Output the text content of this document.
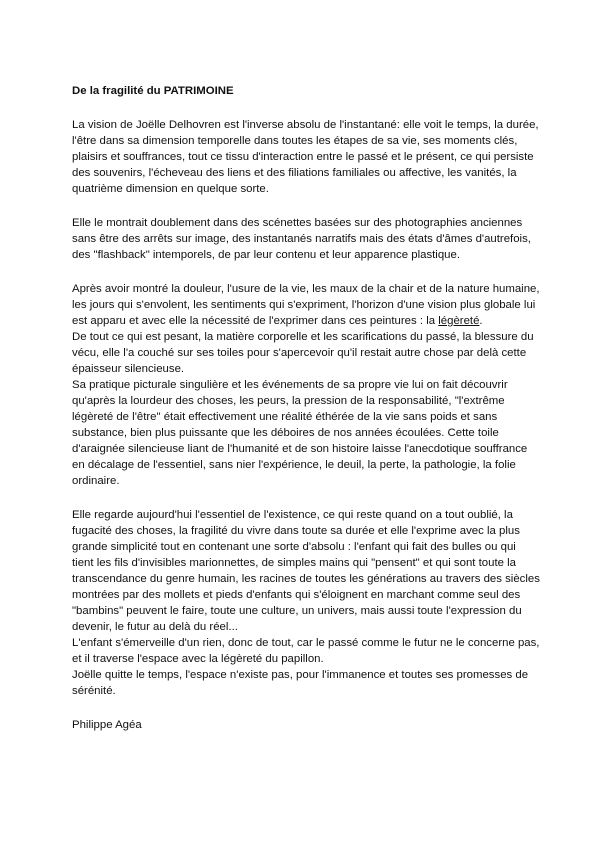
De la fragilité du PATRIMOINE
La vision de Joëlle Delhovren est l'inverse absolu de l'instantané: elle voit le temps, la durée,
l'être dans sa dimension temporelle dans toutes les étapes de sa vie, ses moments clés,
plaisirs et souffrances, tout ce tissu d'interaction entre le passé et le présent, ce qui persiste
des souvenirs, l'écheveau des liens et des filiations familiales ou affective, les vanités, la
quatrième dimension en quelque sorte.
Elle le montrait doublement dans des scénettes basées sur des photographies anciennes
sans être des arrêts sur image, des instantanés narratifs mais des états d'âmes d'autrefois,
des "flashback" intemporels, de par leur contenu et leur apparence plastique.
Après avoir montré la douleur, l'usure de la vie, les maux de la chair et de la nature humaine,
les jours qui s'envolent, les sentiments qui s'expriment, l'horizon d'une vision plus globale lui
est apparu et avec elle la nécessité de l'exprimer dans ces peintures : la légèreté.
De tout ce qui est pesant, la matière corporelle et les scarifications du passé, la blessure du
vécu, elle l'a couché sur ses toiles pour s'apercevoir qu'il restait autre chose par delà cette
épaisseur silencieuse.
Sa pratique picturale singulière et les événements de sa propre vie lui on fait découvrir
qu'après la lourdeur des choses, les peurs, la pression de la responsabilité, "l'extrême
légèreté de l'être" était effectivement une réalité éthérée de la vie sans poids et sans
substance, bien plus puissante que les déboires de nos années écoulées. Cette toile
d'araignée silencieuse liant de l'humanité et de son histoire laisse l'anecdotique souffrance
en décalage de l'essentiel, sans nier l'expérience, le deuil, la perte, la pathologie, la folie
ordinaire.
Elle regarde aujourd'hui l'essentiel de l'existence, ce qui reste quand on a tout oublié, la
fugacité des choses, la fragilité du vivre dans toute sa durée et elle l'exprime avec la plus
grande simplicité tout en contenant une sorte d'absolu : l'enfant qui fait des bulles ou qui
tient les fils d'invisibles marionnettes, de simples mains qui "pensent" et qui sont toute la
transcendance du genre humain, les racines de toutes les générations au travers des siècles
montrées par des mollets et pieds d'enfants qui s'éloignent en marchant comme seul des
"bambins" peuvent le faire, toute une culture, un univers, mais aussi toute l'expression du
devenir, le futur au delà du réel...
L'enfant s'émerveille d'un rien, donc de tout, car le passé comme le futur ne le concerne pas,
et il traverse l'espace avec la légèreté du papillon.
Joëlle quitte le temps, l'espace n'existe pas, pour l'immanence et toutes ses promesses de
sérénité.
Philippe Agéa
